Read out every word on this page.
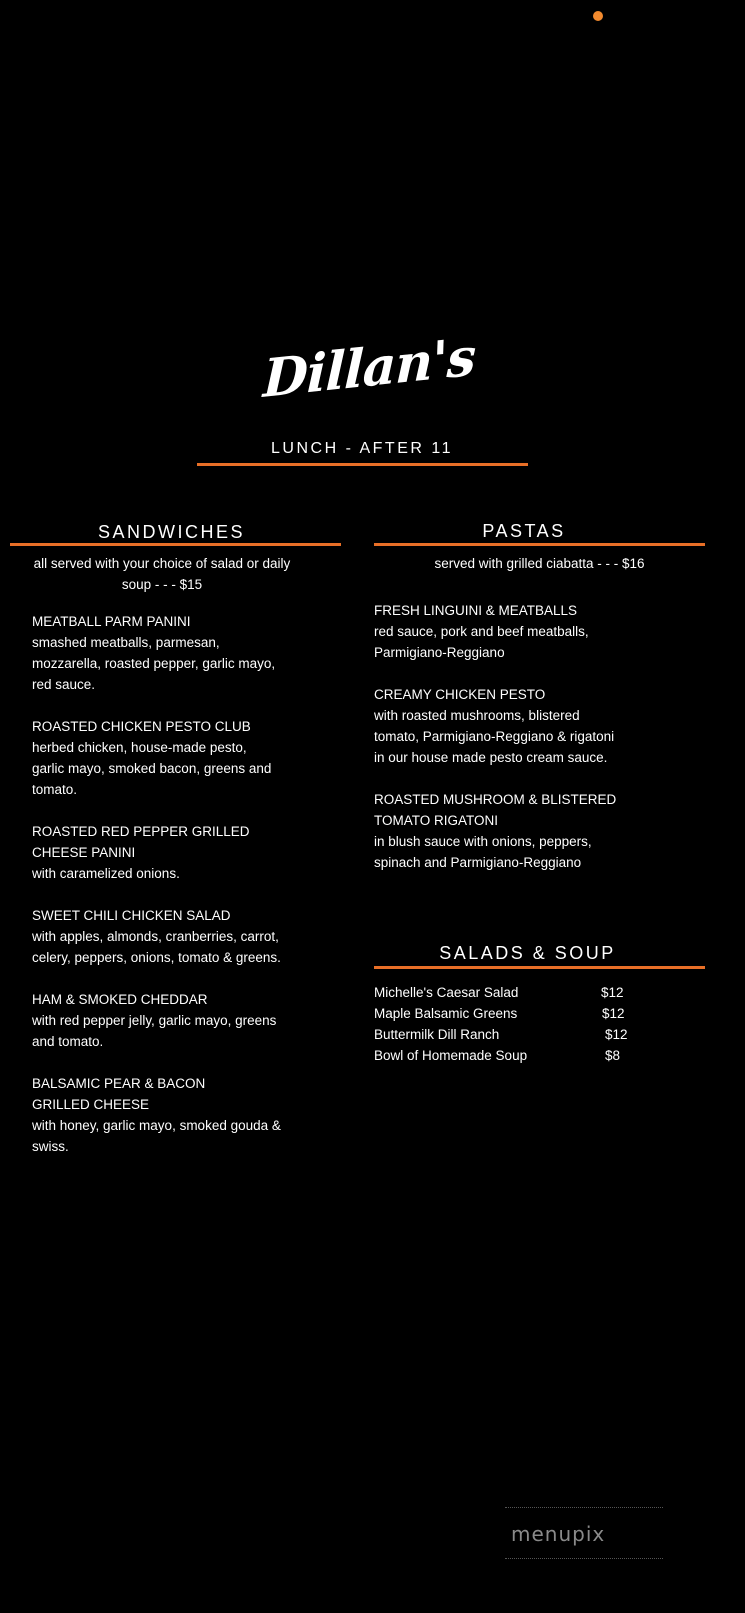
Dillan's
LUNCH - AFTER 11
SANDWICHES
all served with your choice of salad or daily soup - - - $15
MEATBALL PARM PANINI
smashed meatballs, parmesan, mozzarella, roasted pepper, garlic mayo, red sauce.
ROASTED CHICKEN PESTO CLUB
herbed chicken, house-made pesto, garlic mayo, smoked bacon, greens and tomato.
ROASTED RED PEPPER GRILLED CHEESE PANINI
with caramelized onions.
SWEET CHILI CHICKEN SALAD
with apples, almonds, cranberries, carrot, celery, peppers, onions, tomato & greens.
HAM & SMOKED CHEDDAR
with red pepper jelly, garlic mayo, greens and tomato.
BALSAMIC PEAR & BACON GRILLED CHEESE
with honey, garlic mayo, smoked gouda & swiss.
PASTAS
served with grilled ciabatta - - - $16
FRESH LINGUINI & MEATBALLS
red sauce, pork and beef meatballs, Parmigiano-Reggiano
CREAMY CHICKEN PESTO
with roasted mushrooms, blistered tomato, Parmigiano-Reggiano & rigatoni in our house made pesto cream sauce.
ROASTED MUSHROOM & BLISTERED TOMATO RIGATONI
in blush sauce with onions, peppers, spinach and Parmigiano-Reggiano
SALADS & SOUP
Michelle's Caesar Salad	$12
Maple Balsamic Greens	$12
Buttermilk Dill Ranch	$12
Bowl of Homemade Soup	$8
menupix
